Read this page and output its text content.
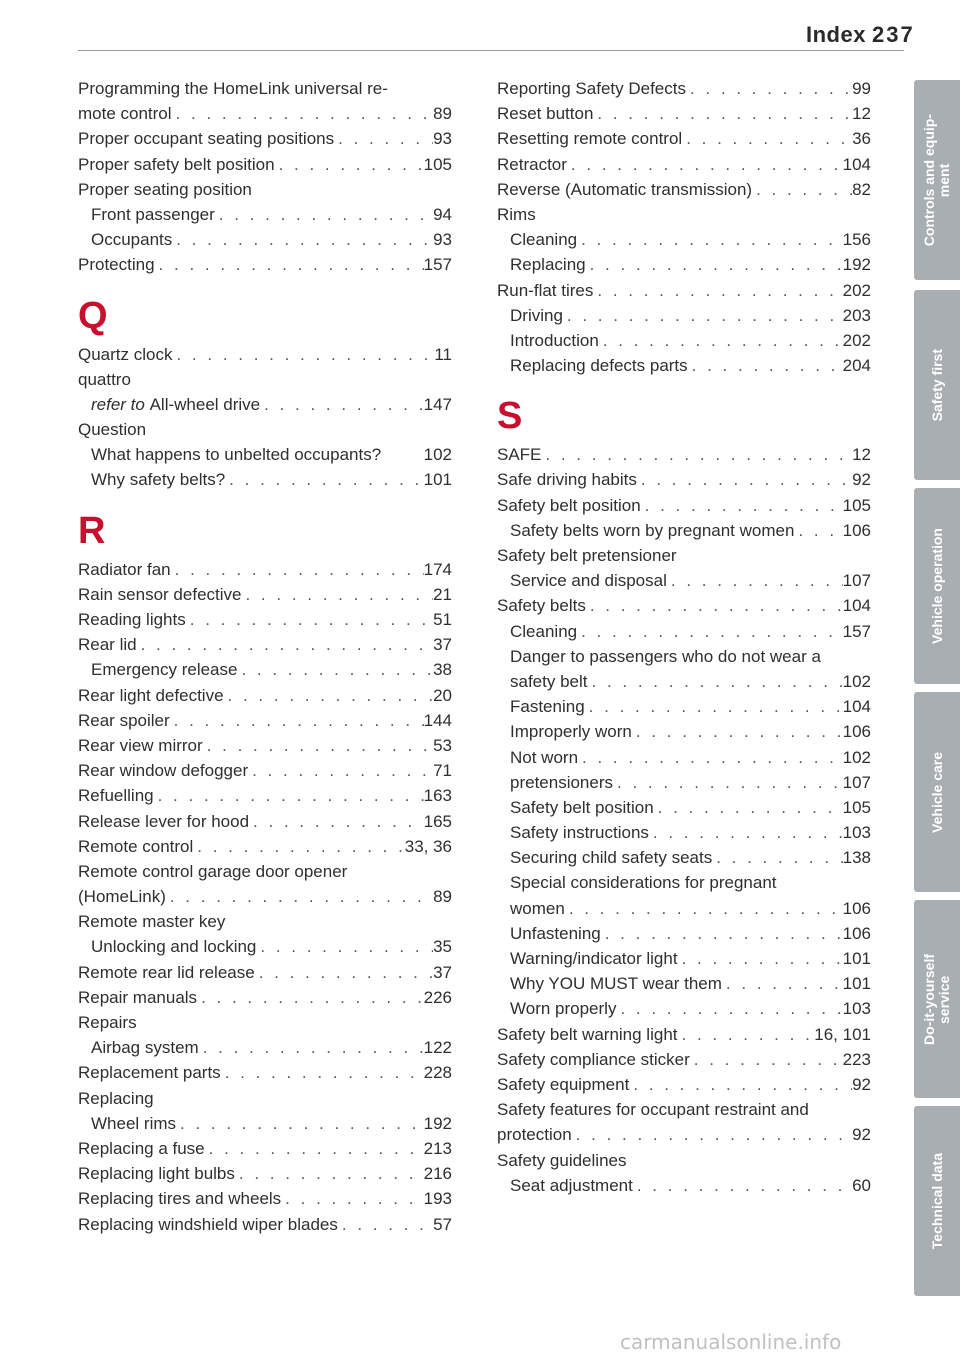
Index 237
Programming the HomeLink universal re-
mote control . . .	89
Proper occupant seating positions . . .	93
Proper safety belt position . . .	105
Proper seating position
Front passenger . . .	94
Occupants . . .	93
Protecting . . .	157
Q
Quartz clock . . .	11
quattro
refer to All-wheel drive . . .	147
Question
What happens to unbelted occupants? 102
Why safety belts? . . .	101
R
Radiator fan . . .	174
Rain sensor defective . . .	21
Reading lights . . .	51
Rear lid . . .	37
Emergency release . . .	38
Rear light defective . . .	20
Rear spoiler . . .	144
Rear view mirror . . .	53
Rear window defogger . . .	71
Refuelling . . .	163
Release lever for hood . . .	165
Remote control . . .	33, 36
Remote control garage door opener
(HomeLink) . . .	89
Remote master key
Unlocking and locking . . .	35
Remote rear lid release . . .	37
Repair manuals . . .	226
Repairs
Airbag system . . .	122
Replacement parts . . .	228
Replacing
Wheel rims . . .	192
Replacing a fuse . . .	213
Replacing light bulbs . . .	216
Replacing tires and wheels . . .	193
Replacing windshield wiper blades . . .	57
Reporting Safety Defects . . .	99
Reset button . . .	12
Resetting remote control . . .	36
Retractor . . .	104
Reverse (Automatic transmission) . . .	82
Rims
Cleaning . . .	156
Replacing . . .	192
Run-flat tires . . .	202
Driving . . .	203
Introduction . . .	202
Replacing defects parts . . .	204
S
SAFE . . .	12
Safe driving habits . . .	92
Safety belt position . . .	105
Safety belts worn by pregnant women . . .	106
Safety belt pretensioner
Service and disposal . . .	107
Safety belts . . .	104
Cleaning . . .	157
Danger to passengers who do not wear a
safety belt . . .	102
Fastening . . .	104
Improperly worn . . .	106
Not worn . . .	102
pretensioners . . .	107
Safety belt position . . .	105
Safety instructions . . .	103
Securing child safety seats . . .	138
Special considerations for pregnant
women . . .	106
Unfastening . . .	106
Warning/indicator light . . .	101
Why YOU MUST wear them . . .	101
Worn properly . . .	103
Safety belt warning light . . .	16, 101
Safety compliance sticker . . .	223
Safety equipment . . .	92
Safety features for occupant restraint and
protection . . .	92
Safety guidelines
Seat adjustment . . .	60
Controls and equip-
ment
Safety first
Vehicle operation
Vehicle care
Do-it-yourself
service
Technical data
carmanualsonline.info
